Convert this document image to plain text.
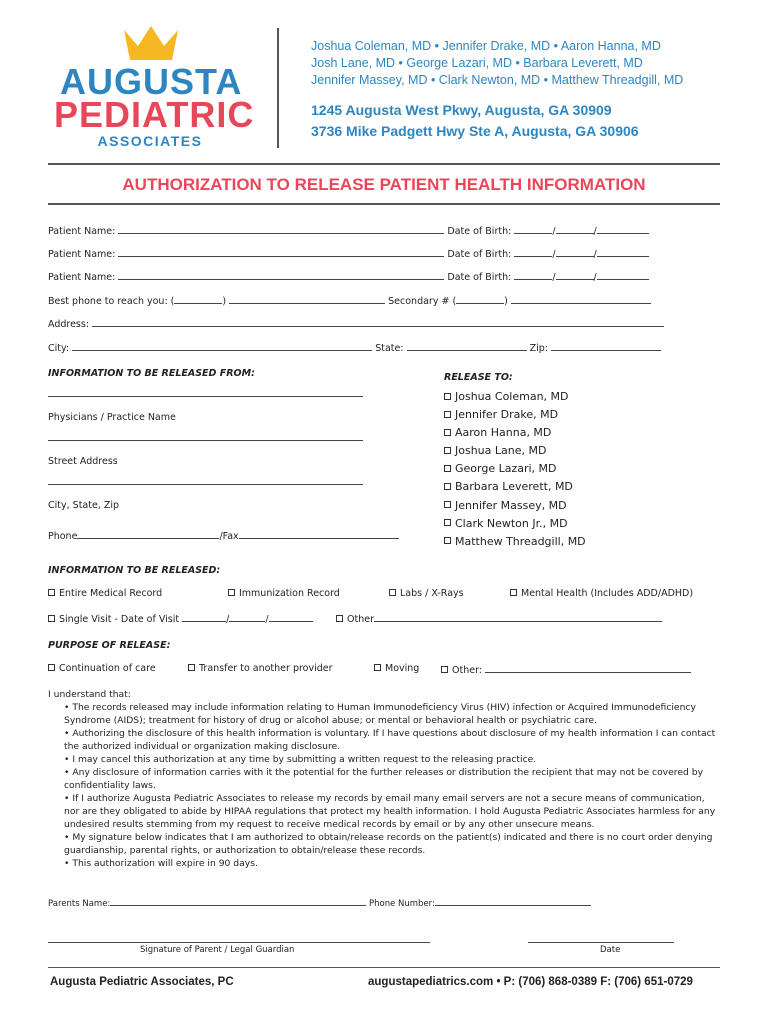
AUGUSTA
PEDIATRIC
ASSOCIATES
Joshua Coleman, MD • Jennifer Drake, MD • Aaron Hanna, MD
Josh Lane, MD • George Lazari, MD • Barbara Leverett, MD
Jennifer Massey, MD • Clark Newton, MD • Matthew Threadgill, MD
1245 Augusta West Pkwy, Augusta, GA 30909
3736 Mike Padgett Hwy Ste A, Augusta, GA 30906
AUTHORIZATION TO RELEASE PATIENT HEALTH INFORMATION
Patient Name:	Date of Birth:	/	/
Patient Name:	Date of Birth:	/	/
Patient Name:	Date of Birth:	/	/
Best phone to reach you: (	)	Secondary # (	)
Address:
City:	State:	Zip:
INFORMATION TO BE RELEASED FROM:
Physicians / Practice Name
Street Address
City, State, Zip
Phone	/Fax
RELEASE TO:
Joshua Coleman, MD
Jennifer Drake, MD
Aaron Hanna, MD
Joshua Lane, MD
George Lazari, MD
Barbara Leverett, MD
Jennifer Massey, MD
Clark Newton Jr., MD
Matthew Threadgill, MD
INFORMATION TO BE RELEASED:
Entire Medical Record	Immunization Record	Labs / X-Rays	Mental Health (Includes ADD/ADHD)
Single Visit - Date of Visit	/	/	Other
PURPOSE OF RELEASE:
Continuation of care	Transfer to another provider	Moving	Other:
I understand that:
• The records released may include information relating to Human Immunodeficiency Virus (HIV) infection or Acquired Immunodeficiency Syndrome (AIDS); treatment for history of drug or alcohol abuse; or mental or behavioral health or psychiatric care.
• Authorizing the disclosure of this health information is voluntary. If I have questions about disclosure of my health information I can contact the authorized individual or organization making disclosure.
• I may cancel this authorization at any time by submitting a written request to the releasing practice.
• Any disclosure of information carries with it the potential for the further releases or distribution the recipient that may not be covered by confidentiality laws.
• If I authorize Augusta Pediatric Associates to release my records by email many email servers are not a secure means of communication, nor are they obligated to abide by HIPAA regulations that protect my health information. I hold Augusta Pediatric Associates harmless for any undesired results stemming from my request to receive medical records by email or by any other unsecure means.
• My signature below indicates that I am authorized to obtain/release records on the patient(s) indicated and there is no court order denying guardianship, parental rights, or authorization to obtain/release these records.
• This authorization will expire in 90 days.
Parents Name:	Phone Number:
Signature of Parent / Legal Guardian	Date
Augusta Pediatric Associates, PC	augustapediatrics.com • P: (706) 868-0389 F: (706) 651-0729
